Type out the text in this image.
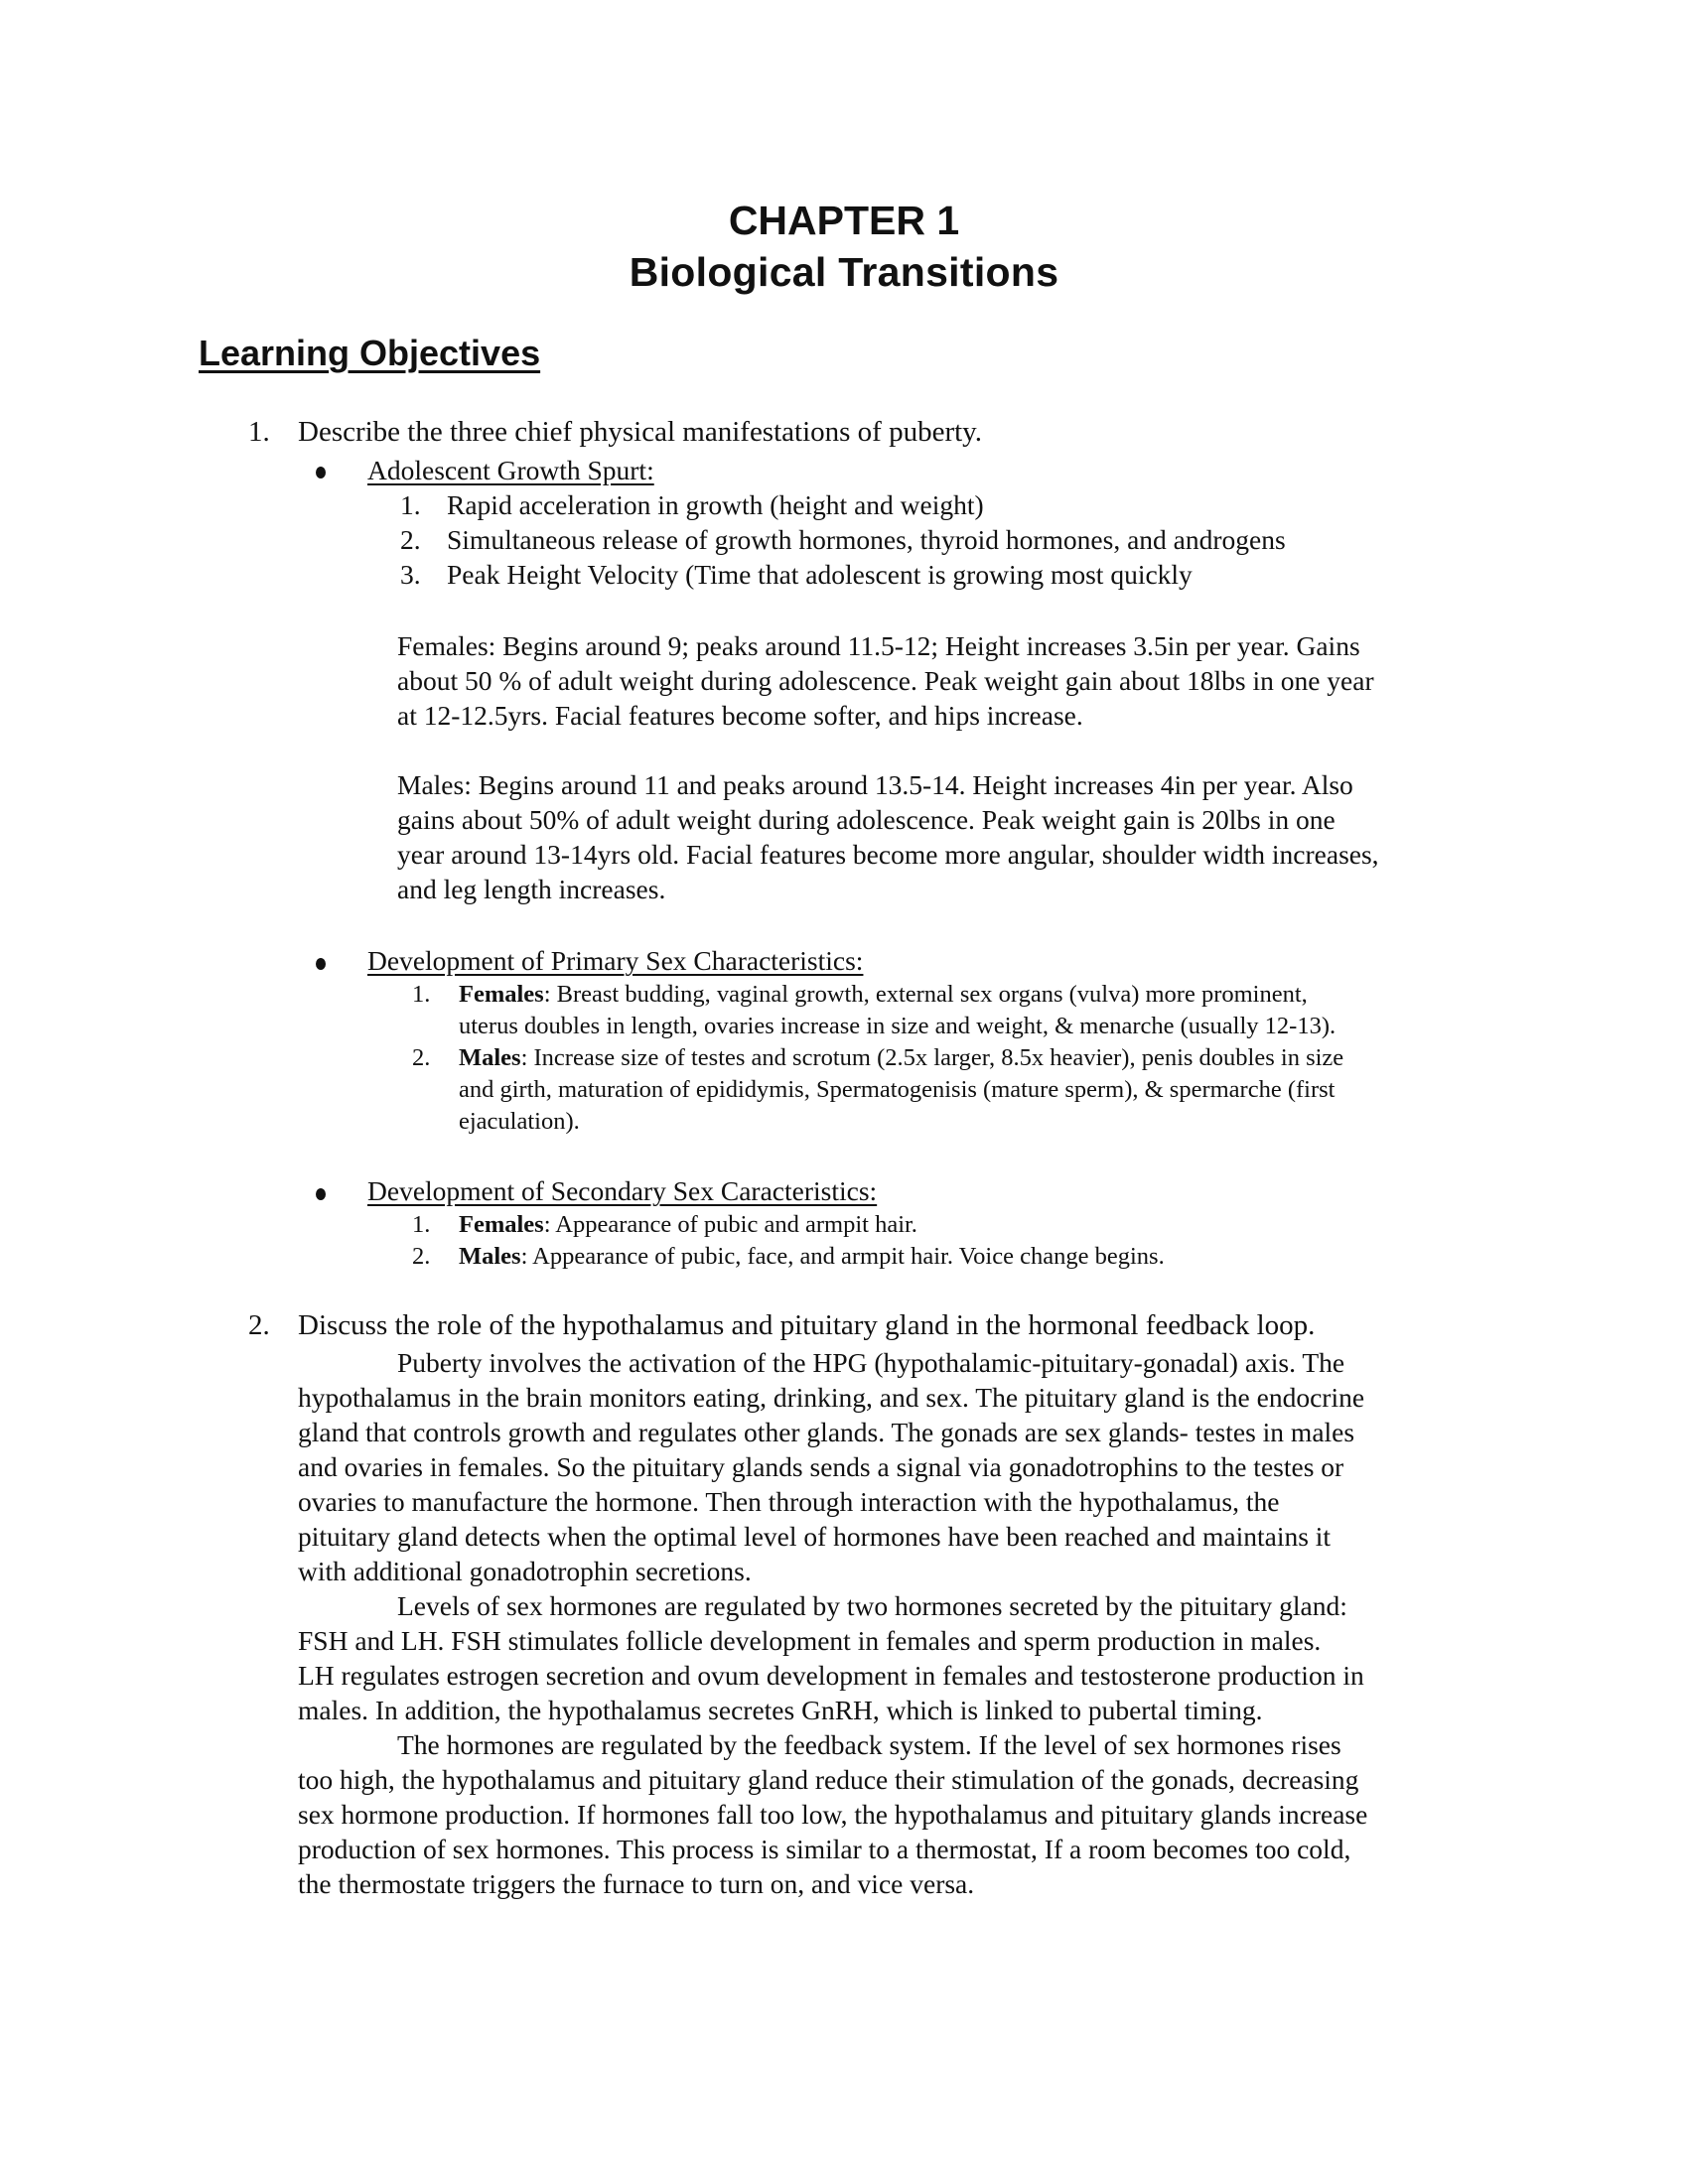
CHAPTER 1
Biological Transitions
Learning Objectives
1. Describe the three chief physical manifestations of puberty.
Adolescent Growth Spurt:
1. Rapid acceleration in growth (height and weight)
2. Simultaneous release of growth hormones, thyroid hormones, and androgens
3. Peak Height Velocity (Time that adolescent is growing most quickly
Females: Begins around 9; peaks around 11.5-12; Height increases 3.5in per year. Gains
about 50 % of adult weight during adolescence. Peak weight gain about 18lbs in one year
at 12-12.5yrs. Facial features become softer, and hips increase.
Males: Begins around 11 and peaks around 13.5-14. Height increases 4in per year. Also
gains about 50% of adult weight during adolescence. Peak weight gain is 20lbs in one
year around 13-14yrs old. Facial features become more angular, shoulder width increases,
and leg length increases.
Development of Primary Sex Characteristics:
1. Females: Breast budding, vaginal growth, external sex organs (vulva) more prominent,
uterus doubles in length, ovaries increase in size and weight, & menarche (usually 12-13).
2. Males: Increase size of testes and scrotum (2.5x larger, 8.5x heavier), penis doubles in size
and girth, maturation of epididymis, Spermatogenisis (mature sperm), & spermarche (first
ejaculation).
Development of Secondary Sex Caracteristics:
1. Females: Appearance of pubic and armpit hair.
2. Males: Appearance of pubic, face, and armpit hair. Voice change begins.
2. Discuss the role of the hypothalamus and pituitary gland in the hormonal feedback loop.
Puberty involves the activation of the HPG (hypothalamic-pituitary-gonadal) axis. The
hypothalamus in the brain monitors eating, drinking, and sex. The pituitary gland is the endocrine
gland that controls growth and regulates other glands. The gonads are sex glands- testes in males
and ovaries in females. So the pituitary glands sends a signal via gonadotrophins to the testes or
ovaries to manufacture the hormone. Then through interaction with the hypothalamus, the
pituitary gland detects when the optimal level of hormones have been reached and maintains it
with additional gonadotrophin secretions.
Levels of sex hormones are regulated by two hormones secreted by the pituitary gland:
FSH and LH. FSH stimulates follicle development in females and sperm production in males.
LH regulates estrogen secretion and ovum development in females and testosterone production in
males. In addition, the hypothalamus secretes GnRH, which is linked to pubertal timing.
The hormones are regulated by the feedback system. If the level of sex hormones rises
too high, the hypothalamus and pituitary gland reduce their stimulation of the gonads, decreasing
sex hormone production. If hormones fall too low, the hypothalamus and pituitary glands increase
production of sex hormones. This process is similar to a thermostat, If a room becomes too cold,
the thermostate triggers the furnace to turn on, and vice versa.
